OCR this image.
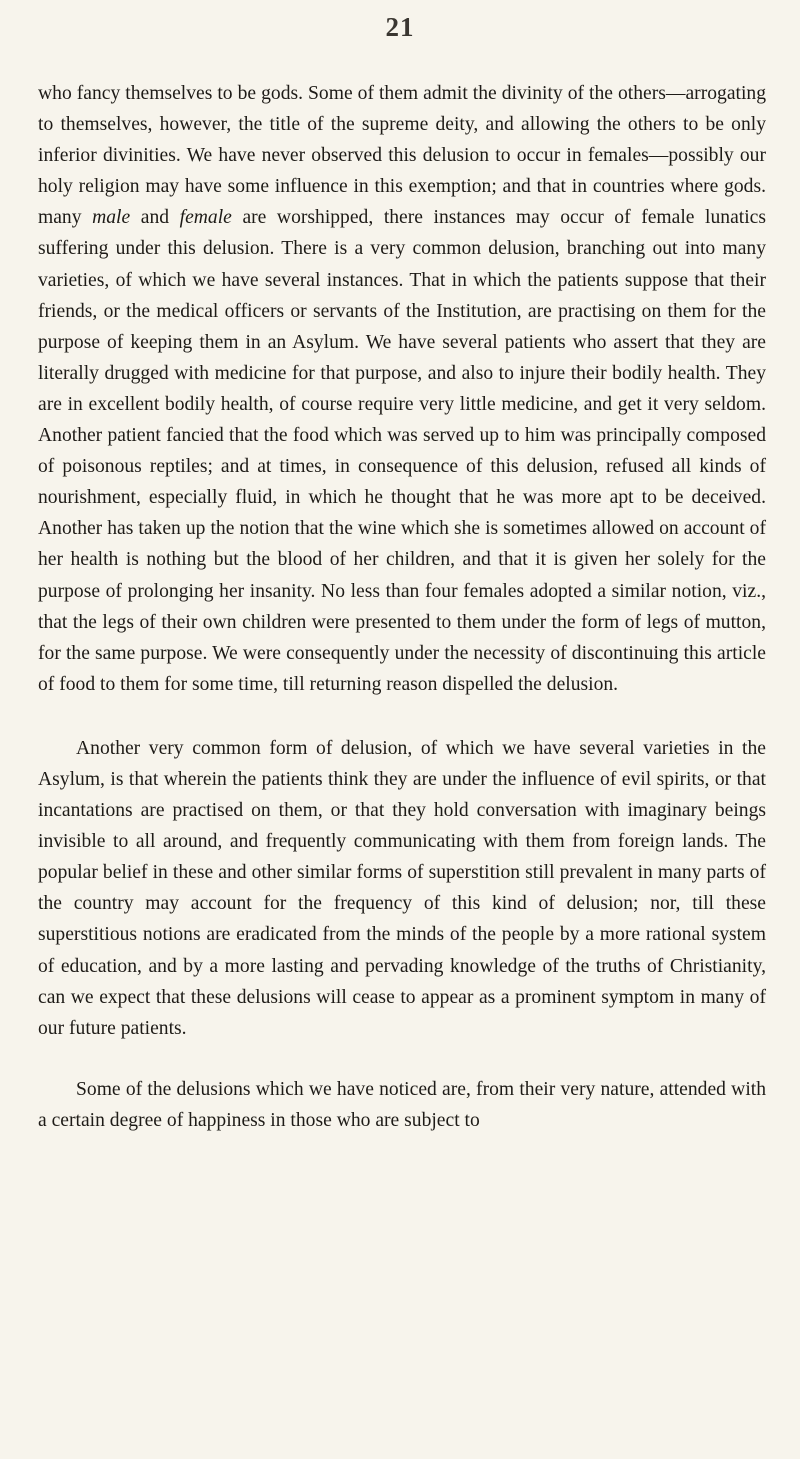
21

who fancy themselves to be gods. Some of them admit the divinity of the others—arrogating to themselves, however, the title of the supreme deity, and allowing the others to be only inferior divinities. We have never observed this delusion to occur in females—possibly our holy religion may have some influence in this exemption; and that in countries where gods. many male and female are worshipped, there instances may occur of female lunatics suffering under this delusion. There is a very common delusion, branching out into many varieties, of which we have several instances. That in which the patients suppose that their friends, or the medical officers or servants of the Institution, are practising on them for the purpose of keeping them in an Asylum. We have several patients who assert that they are literally drugged with medicine for that purpose, and also to injure their bodily health. They are in excellent bodily health, of course require very little medicine, and get it very seldom. Another patient fancied that the food which was served up to him was principally composed of poisonous reptiles; and at times, in consequence of this delusion, refused all kinds of nourishment, especially fluid, in which he thought that he was more apt to be deceived. Another has taken up the notion that the wine which she is sometimes allowed on account of her health is nothing but the blood of her children, and that it is given her solely for the purpose of prolonging her insanity. No less than four females adopted a similar notion, viz., that the legs of their own children were presented to them under the form of legs of mutton, for the same purpose. We were consequently under the necessity of discontinuing this article of food to them for some time, till returning reason dispelled the delusion.

Another very common form of delusion, of which we have several varieties in the Asylum, is that wherein the patients think they are under the influence of evil spirits, or that incantations are practised on them, or that they hold conversation with imaginary beings invisible to all around, and frequently communicating with them from foreign lands. The popular belief in these and other similar forms of superstition still prevalent in many parts of the country may account for the frequency of this kind of delusion; nor, till these superstitious notions are eradicated from the minds of the people by a more rational system of education, and by a more lasting and pervading knowledge of the truths of Christianity, can we expect that these delusions will cease to appear as a prominent symptom in many of our future patients.

Some of the delusions which we have noticed are, from their very nature, attended with a certain degree of happiness in those who are subject to
